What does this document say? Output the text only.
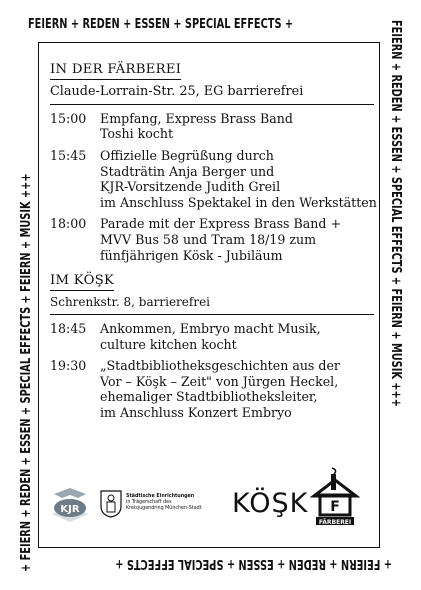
FEIERN + REDEN + ESSEN + SPECIAL EFFECTS +	FEIERN + REDEN + ESSEN + SPECIAL EFFECTS + FEIERN + MUSIK +++
+ FEIERN + REDEN + ESSEN + SPECIAL EFFECTS +
+ FEIERN + REDEN + ESSEN + SPECIAL EFFECTS + FEIERN + MUSIK +++
IN DER FÄRBEREI
Claude-Lorrain-Str. 25, EG barrierefrei
15:00	Empfang, Express Brass Band
Toshi kocht
15:45	Offizielle Begrüßung durch
Stadträtin Anja Berger und
KJR-Vorsitzende Judith Greil
im Anschluss Spektakel in den Werkstätten
18:00	Parade mit der Express Brass Band +
MVV Bus 58 und Tram 18/19 zum
fünfjährigen Kösk - Jubiläum
IM KÖŞK
Schrenkstr. 8, barrierefrei
18:45	Ankommen, Embryo macht Musik,
culture kitchen kocht
19:30	„Stadtbibliotheksgeschichten aus der
Vor – Köşk – Zeit" von Jürgen Heckel,
ehemaliger Stadtbibliotheksleiter,
im Anschluss Konzert Embryo
KJR
Städtische Einrichtungen
in Trägerschaft des
Kreisjugendring München-Stadt	KÖŞK F
FÄRBEREI
